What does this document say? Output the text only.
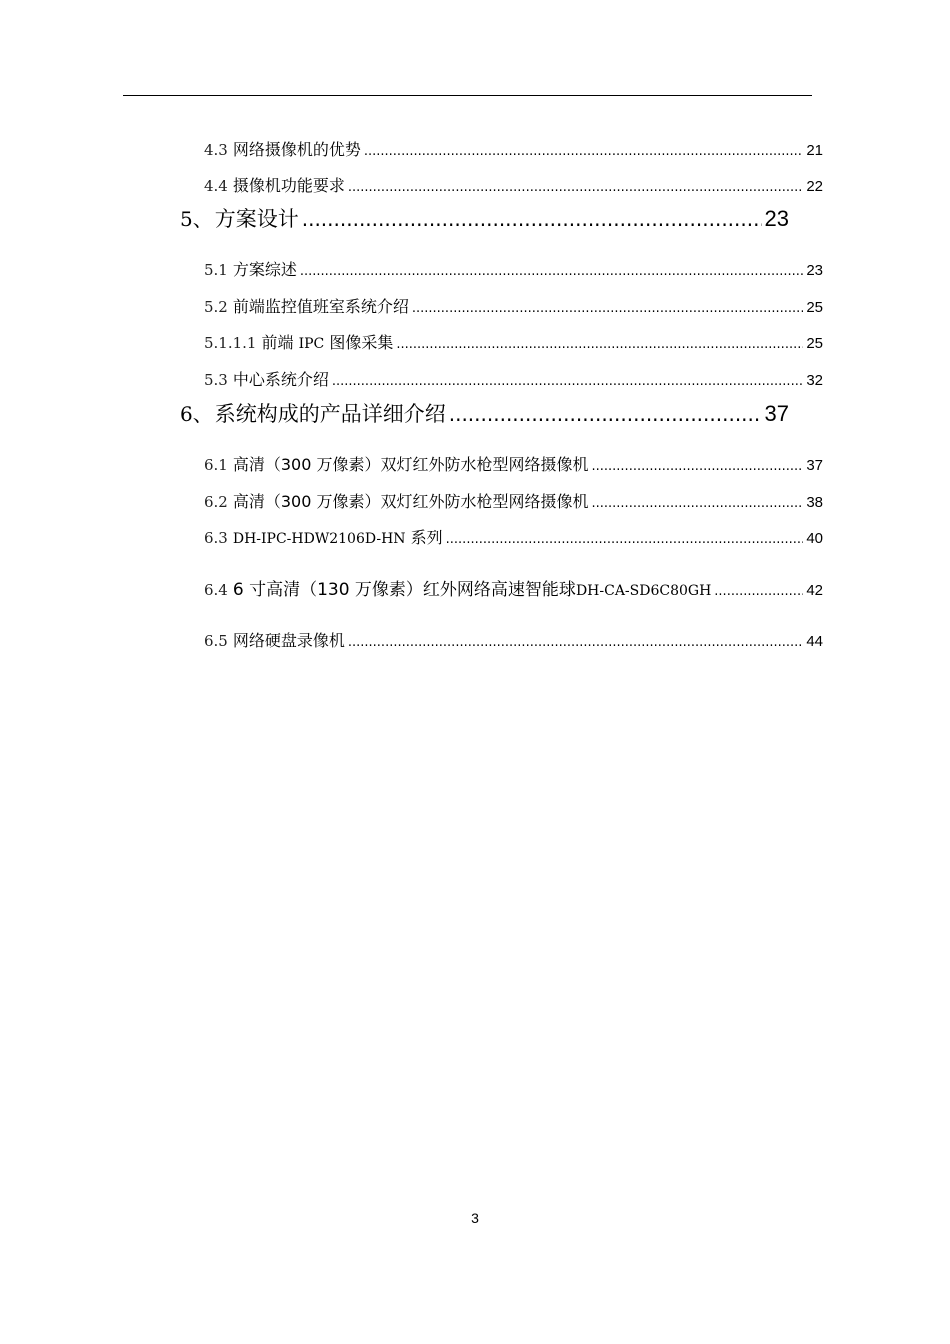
4.3 网络摄像机的优势 .....	21
4.4 摄像机功能要求 .....	22
5、 方案设计 .....	23
5.1 方案综述 .....	23
5.2 前端监控值班室系统介绍 .....	25
5.1.1.1 前端 IPC 图像采集 .....	25
5.3 中心系统介绍 .....	32
6、 系统构成的产品详细介绍 .....	37
6.1 高清（300 万像素）双灯红外防水枪型网络摄像机 .....	37
6.2 高清（300 万像素）双灯红外防水枪型网络摄像机 .....	38
6.3 DH-IPC-HDW2106D-HN 系列 .....	40
6.4 6 寸高清（130 万像素）红外网络高速智能球DH-CA-SD6C80GH .....	42
6.5 网络硬盘录像机 .....	44
3
